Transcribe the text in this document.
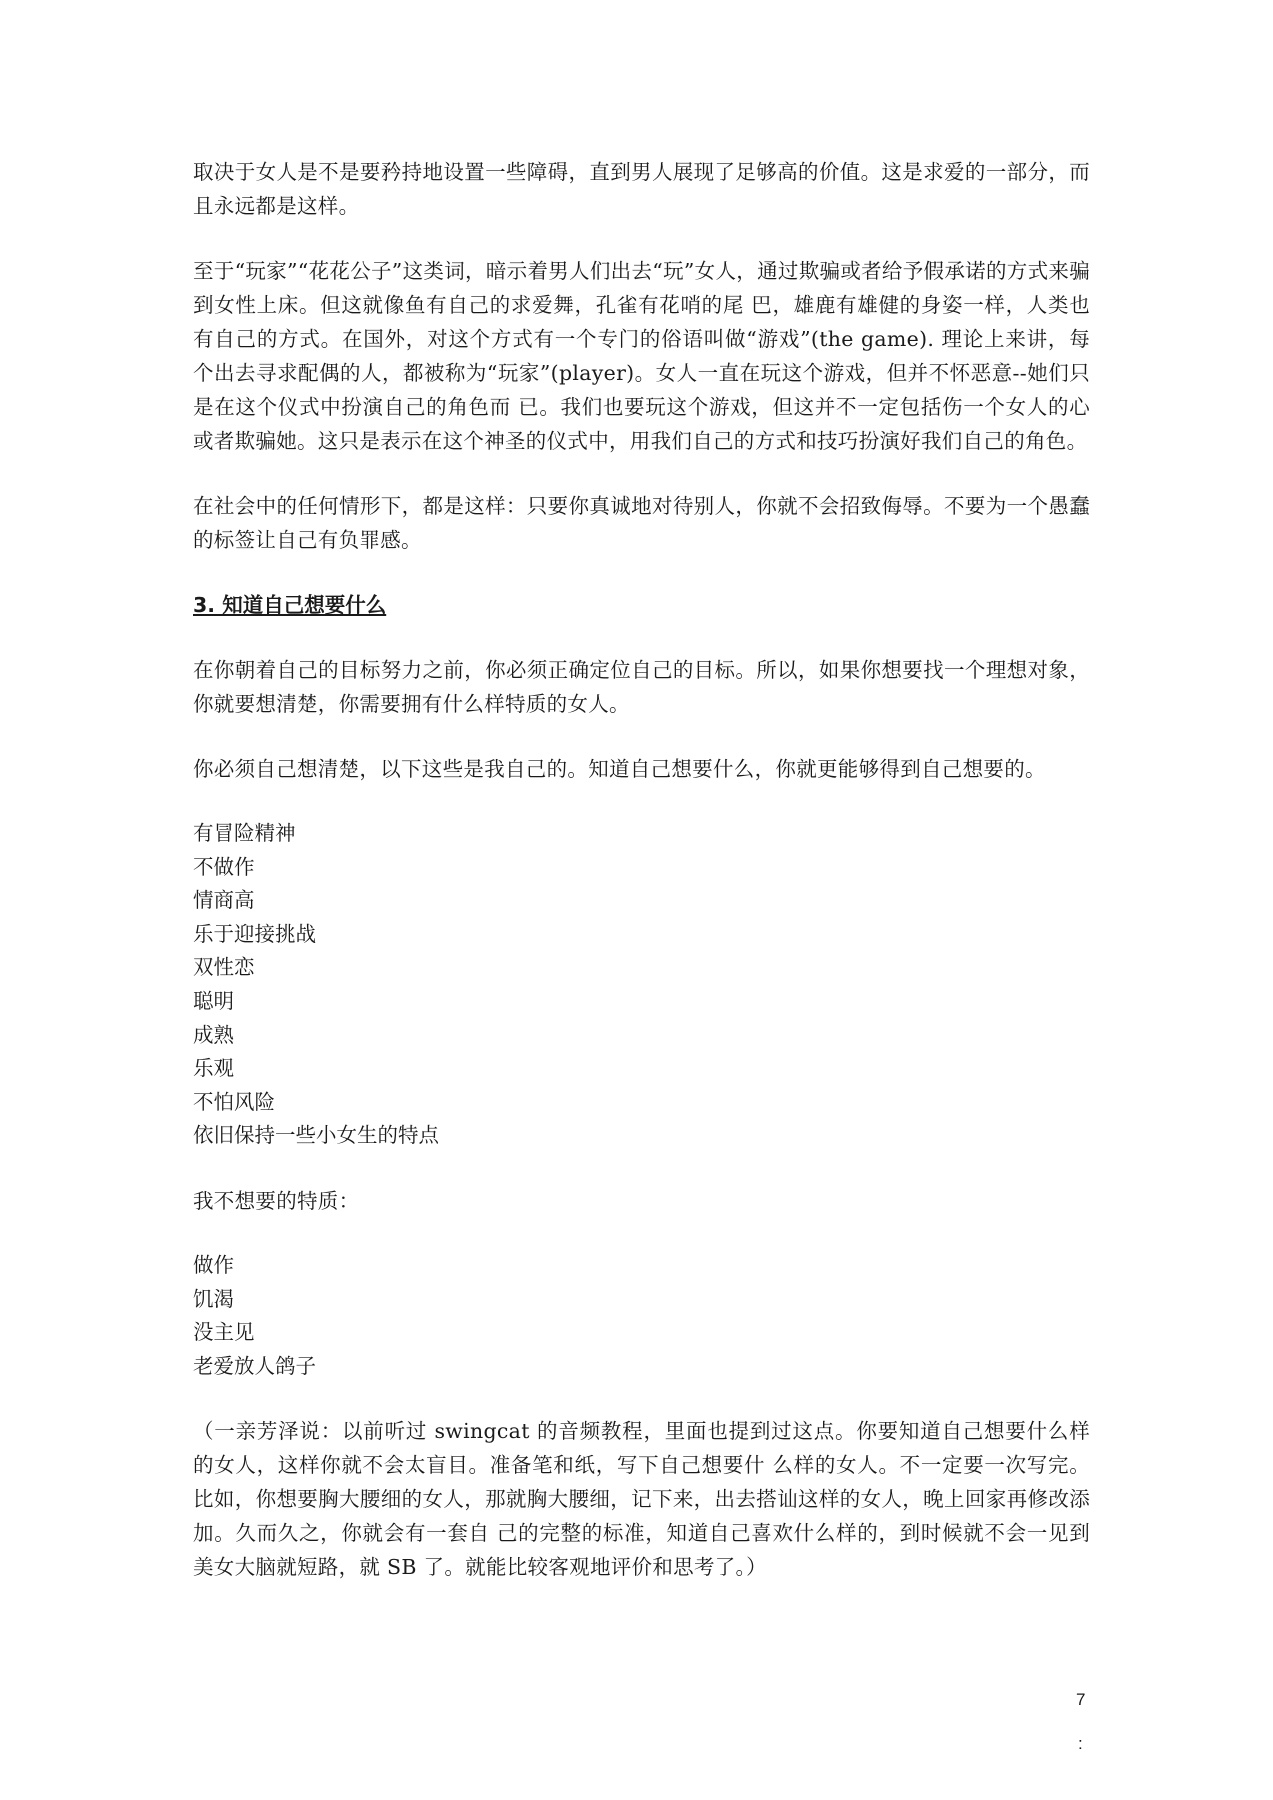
取决于女人是不是要矜持地设置一些障碍，直到男人展现了足够高的价值。这是求爱的一部分，而且永远都是这样。

至于“玩家”“花花公子”这类词，暗示着男人们出去“玩”女人，通过欺骗或者给予假承诺的方式来骗到女性上床。但这就像鱼有自己的求爱舞，孔雀有花哨的尾 巴，雄鹿有雄健的身姿一样，人类也有自己的方式。在国外，对这个方式有一个专门的俗语叫做“游戏”(the game). 理论上来讲，每个出去寻求配偶的人，都被称为“玩家”(player)。女人一直在玩这个游戏，但并不怀恶意--她们只是在这个仪式中扮演自己的角色而 已。我们也要玩这个游戏，但这并不一定包括伤一个女人的心或者欺骗她。这只是表示在这个神圣的仪式中，用我们自己的方式和技巧扮演好我们自己的角色。

在社会中的任何情形下，都是这样：只要你真诚地对待别人，你就不会招致侮辱。不要为一个愚蠢的标签让自己有负罪感。

3. 知道自己想要什么

在你朝着自己的目标努力之前，你必须正确定位自己的目标。所以，如果你想要找一个理想对象，你就要想清楚，你需要拥有什么样特质的女人。

你必须自己想清楚，以下这些是我自己的。知道自己想要什么，你就更能够得到自己想要的。

有冒险精神
不做作
情商高
乐于迎接挑战
双性恋
聪明
成熟
乐观
不怕风险
依旧保持一些小女生的特点

我不想要的特质：

做作
饥渴
没主见
老爱放人鸽子

（一亲芳泽说：以前听过 swingcat 的音频教程，里面也提到过这点。你要知道自己想要什么样的女人，这样你就不会太盲目。准备笔和纸，写下自己想要什 么样的女人。不一定要一次写完。比如，你想要胸大腰细的女人，那就胸大腰细，记下来，出去搭讪这样的女人，晚上回家再修改添加。久而久之，你就会有一套自 己的完整的标准，知道自己喜欢什么样的，到时候就不会一见到美女大脑就短路，就 SB 了。就能比较客观地评价和思考了。）

7
:
